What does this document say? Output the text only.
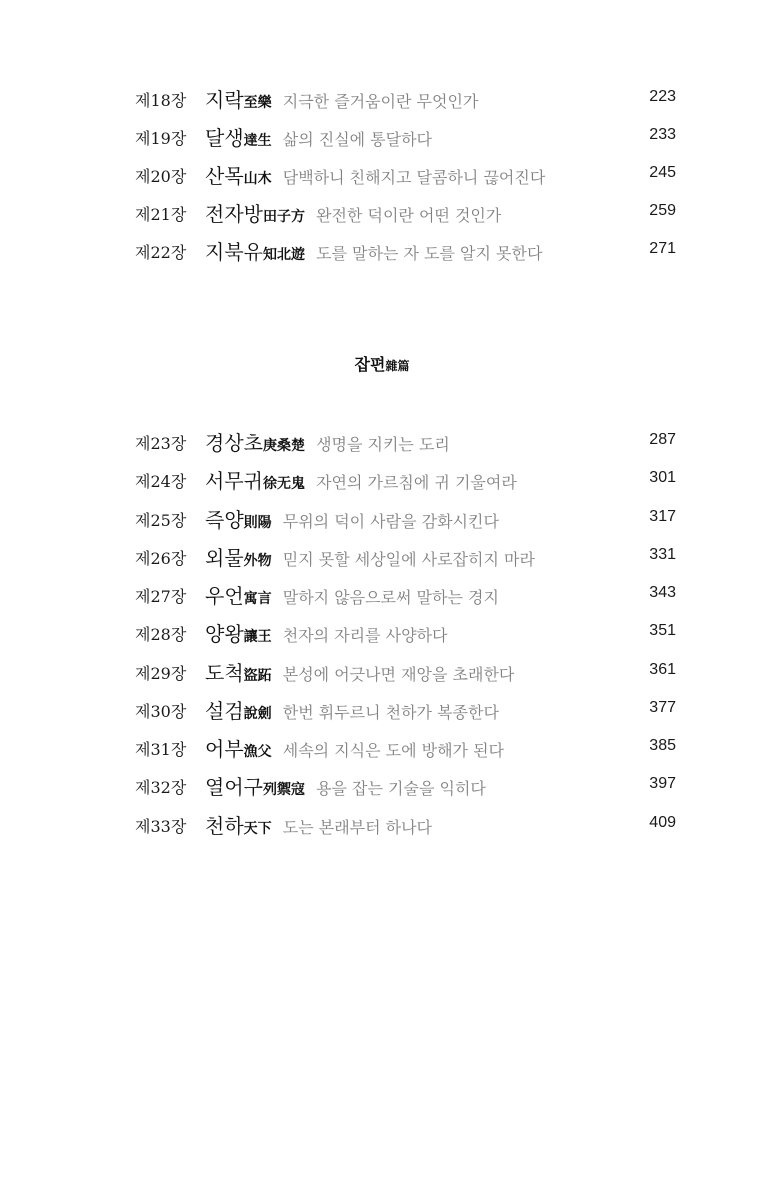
제18장 지락至樂 지극한 즐거움이란 무엇인가	223
제19장 달생達生 삶의 진실에 통달하다	233
제20장 산목山木 담백하니 친해지고 달콤하니 끊어진다	245
제21장 전자방田子方 완전한 덕이란 어떤 것인가	259
제22장 지북유知北遊 도를 말하는 자 도를 알지 못한다	271
잡편雜篇
제23장 경상초庚桑楚 생명을 지키는 도리	287
제24장 서무귀徐无鬼 자연의 가르침에 귀 기울여라	301
제25장 즉양則陽 무위의 덕이 사람을 감화시킨다	317
제26장 외물外物 믿지 못할 세상일에 사로잡히지 마라	331
제27장 우언寓言 말하지 않음으로써 말하는 경지	343
제28장 양왕讓王 천자의 자리를 사양하다	351
제29장 도척盜跖 본성에 어긋나면 재앙을 초래한다	361
제30장 설검說劍 한번 휘두르니 천하가 복종한다	377
제31장 어부漁父 세속의 지식은 도에 방해가 된다	385
제32장 열어구列禦寇 용을 잡는 기술을 익히다	397
제33장 천하天下 도는 본래부터 하나다	409
